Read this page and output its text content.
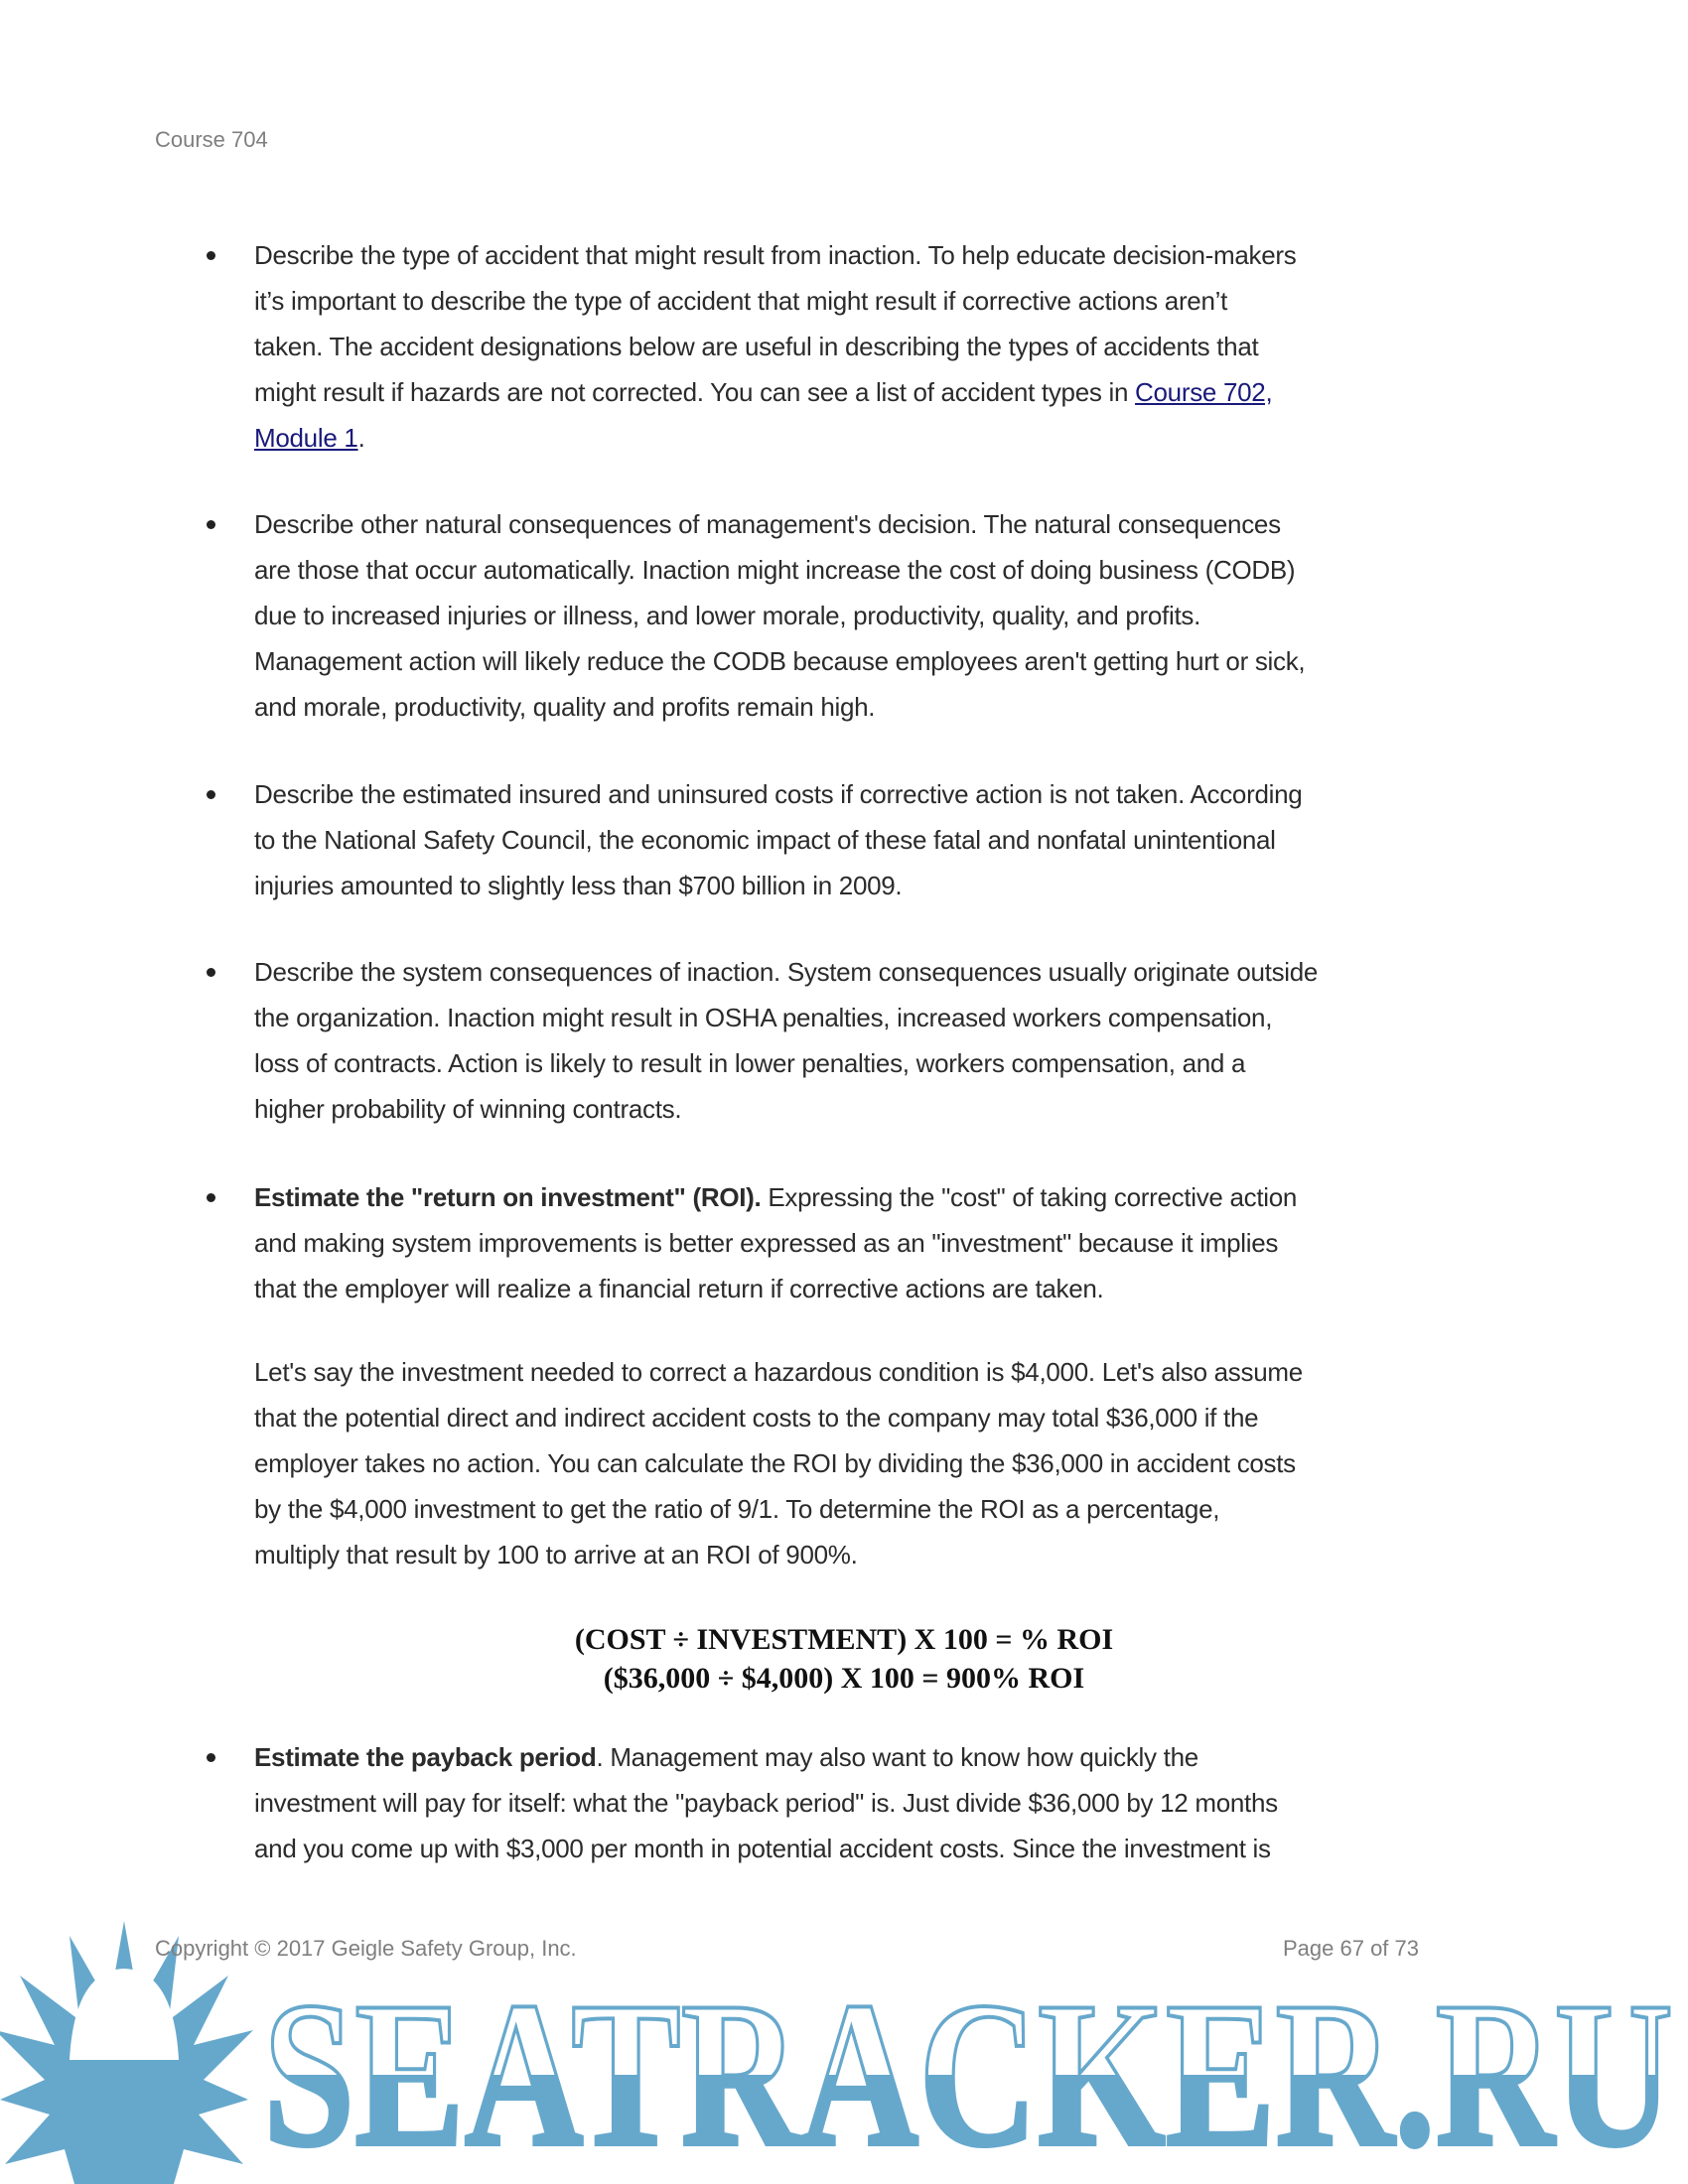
Course 704
Describe the type of accident that might result from inaction. To help educate decision-makers
it’s important to describe the type of accident that might result if corrective actions aren’t
taken. The accident designations below are useful in describing the types of accidents that
might result if hazards are not corrected. You can see a list of accident types in Course 702,
Module 1.
Describe other natural consequences of management's decision. The natural consequences
are those that occur automatically. Inaction might increase the cost of doing business (CODB)
due to increased injuries or illness, and lower morale, productivity, quality, and profits.
Management action will likely reduce the CODB because employees aren't getting hurt or sick,
and morale, productivity, quality and profits remain high.
Describe the estimated insured and uninsured costs if corrective action is not taken. According
to the National Safety Council, the economic impact of these fatal and nonfatal unintentional
injuries amounted to slightly less than $700 billion in 2009.
Describe the system consequences of inaction. System consequences usually originate outside
the organization. Inaction might result in OSHA penalties, increased workers compensation,
loss of contracts. Action is likely to result in lower penalties, workers compensation, and a
higher probability of winning contracts.
Estimate the "return on investment" (ROI). Expressing the "cost" of taking corrective action
and making system improvements is better expressed as an "investment" because it implies
that the employer will realize a financial return if corrective actions are taken.
Let's say the investment needed to correct a hazardous condition is $4,000. Let's also assume
that the potential direct and indirect accident costs to the company may total $36,000 if the
employer takes no action. You can calculate the ROI by dividing the $36,000 in accident costs
by the $4,000 investment to get the ratio of 9/1. To determine the ROI as a percentage,
multiply that result by 100 to arrive at an ROI of 900%.
(COST ÷ INVESTMENT) X 100 = % ROI
($36,000 ÷ $4,000) X 100 = 900% ROI
Estimate the payback period. Management may also want to know how quickly the
investment will pay for itself: what the "payback period" is. Just divide $36,000 by 12 months
and you come up with $3,000 per month in potential accident costs. Since the investment is
SEATRACKER.RU
Copyright © 2017 Geigle Safety Group, Inc.	Page 67 of 73
